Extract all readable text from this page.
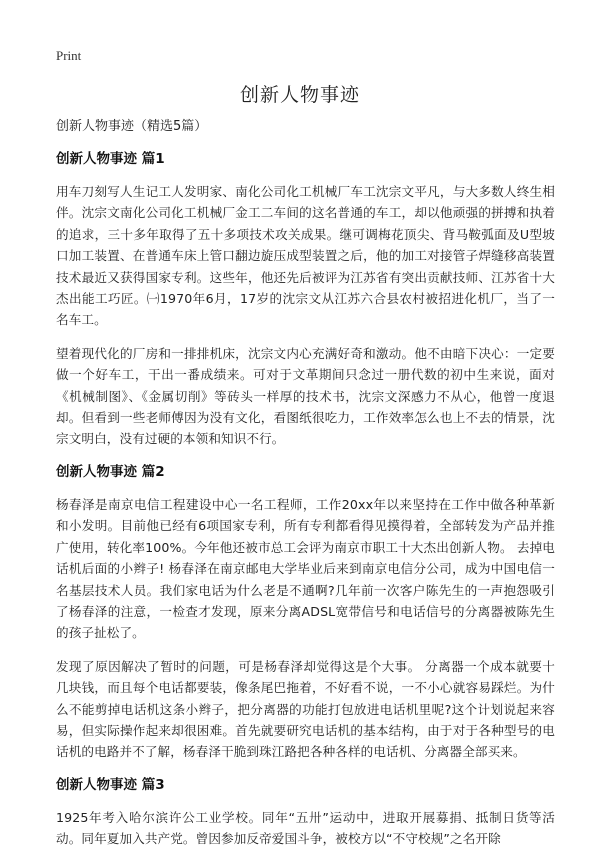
Print
创新人物事迹

创新人物事迹（精选5篇）

创新人物事迹 篇1

用车刀刻写人生记工人发明家、南化公司化工机械厂车工沈宗文平凡，与大多数人终生相伴。沈宗文南化公司化工机械厂金工二车间的这名普通的车工，却以他顽强的拼搏和执着的追求，三十多年取得了五十多项技术攻关成果。继可调梅花顶尖、背马鞍弧面及U型坡口加工装置、在普通车床上管口翻边旋压成型装置之后，他的加工对接管子焊缝移高装置技术最近又获得国家专利。这些年，他还先后被评为江苏省有突出贡献技师、江苏省十大杰出能工巧匠。㈠1970年6月，17岁的沈宗文从江苏六合县农村被招进化机厂，当了一名车工。

望着现代化的厂房和一排排机床，沈宗文内心充满好奇和激动。他不由暗下决心：一定要做一个好车工，干出一番成绩来。可对于文革期间只念过一册代数的初中生来说，面对《机械制图》、《金属切削》等砖头一样厚的技术书，沈宗文深感力不从心，他曾一度退却。但看到一些老师傅因为没有文化，看图纸很吃力，工作效率怎么也上不去的情景，沈宗文明白，没有过硬的本领和知识不行。

创新人物事迹 篇2

杨春泽是南京电信工程建设中心一名工程师，工作20xx年以来坚持在工作中做各种革新和小发明。目前他已经有6项国家专利，所有专利都看得见摸得着，全部转发为产品并推广使用，转化率100%。今年他还被市总工会评为南京市职工十大杰出创新人物。 去掉电话机后面的小辫子! 杨春泽在南京邮电大学毕业后来到南京电信分公司，成为中国电信一名基层技术人员。我们家电话为什么老是不通啊?几年前一次客户陈先生的一声抱怨吸引了杨春泽的注意，一检查才发现，原来分离ADSL宽带信号和电话信号的分离器被陈先生的孩子扯松了。

发现了原因解决了暂时的问题，可是杨春泽却觉得这是个大事。 分离器一个成本就要十几块钱，而且每个电话都要装，像条尾巴拖着，不好看不说，一不小心就容易踩烂。为什么不能剪掉电话机这条小辫子，把分离器的功能打包放进电话机里呢?这个计划说起来容易，但实际操作起来却很困难。首先就要研究电话机的基本结构，由于对于各种型号的电话机的电路并不了解，杨春泽干脆到珠江路把各种各样的电话机、分离器全部买来。

创新人物事迹 篇3

1925年考入哈尔滨许公工业学校。同年“五卅”运动中，进取开展募捐、抵制日货等活动。同年夏加入共产党。曾因参加反帝爱国斗争，被校方以“不守校规”之名开除
